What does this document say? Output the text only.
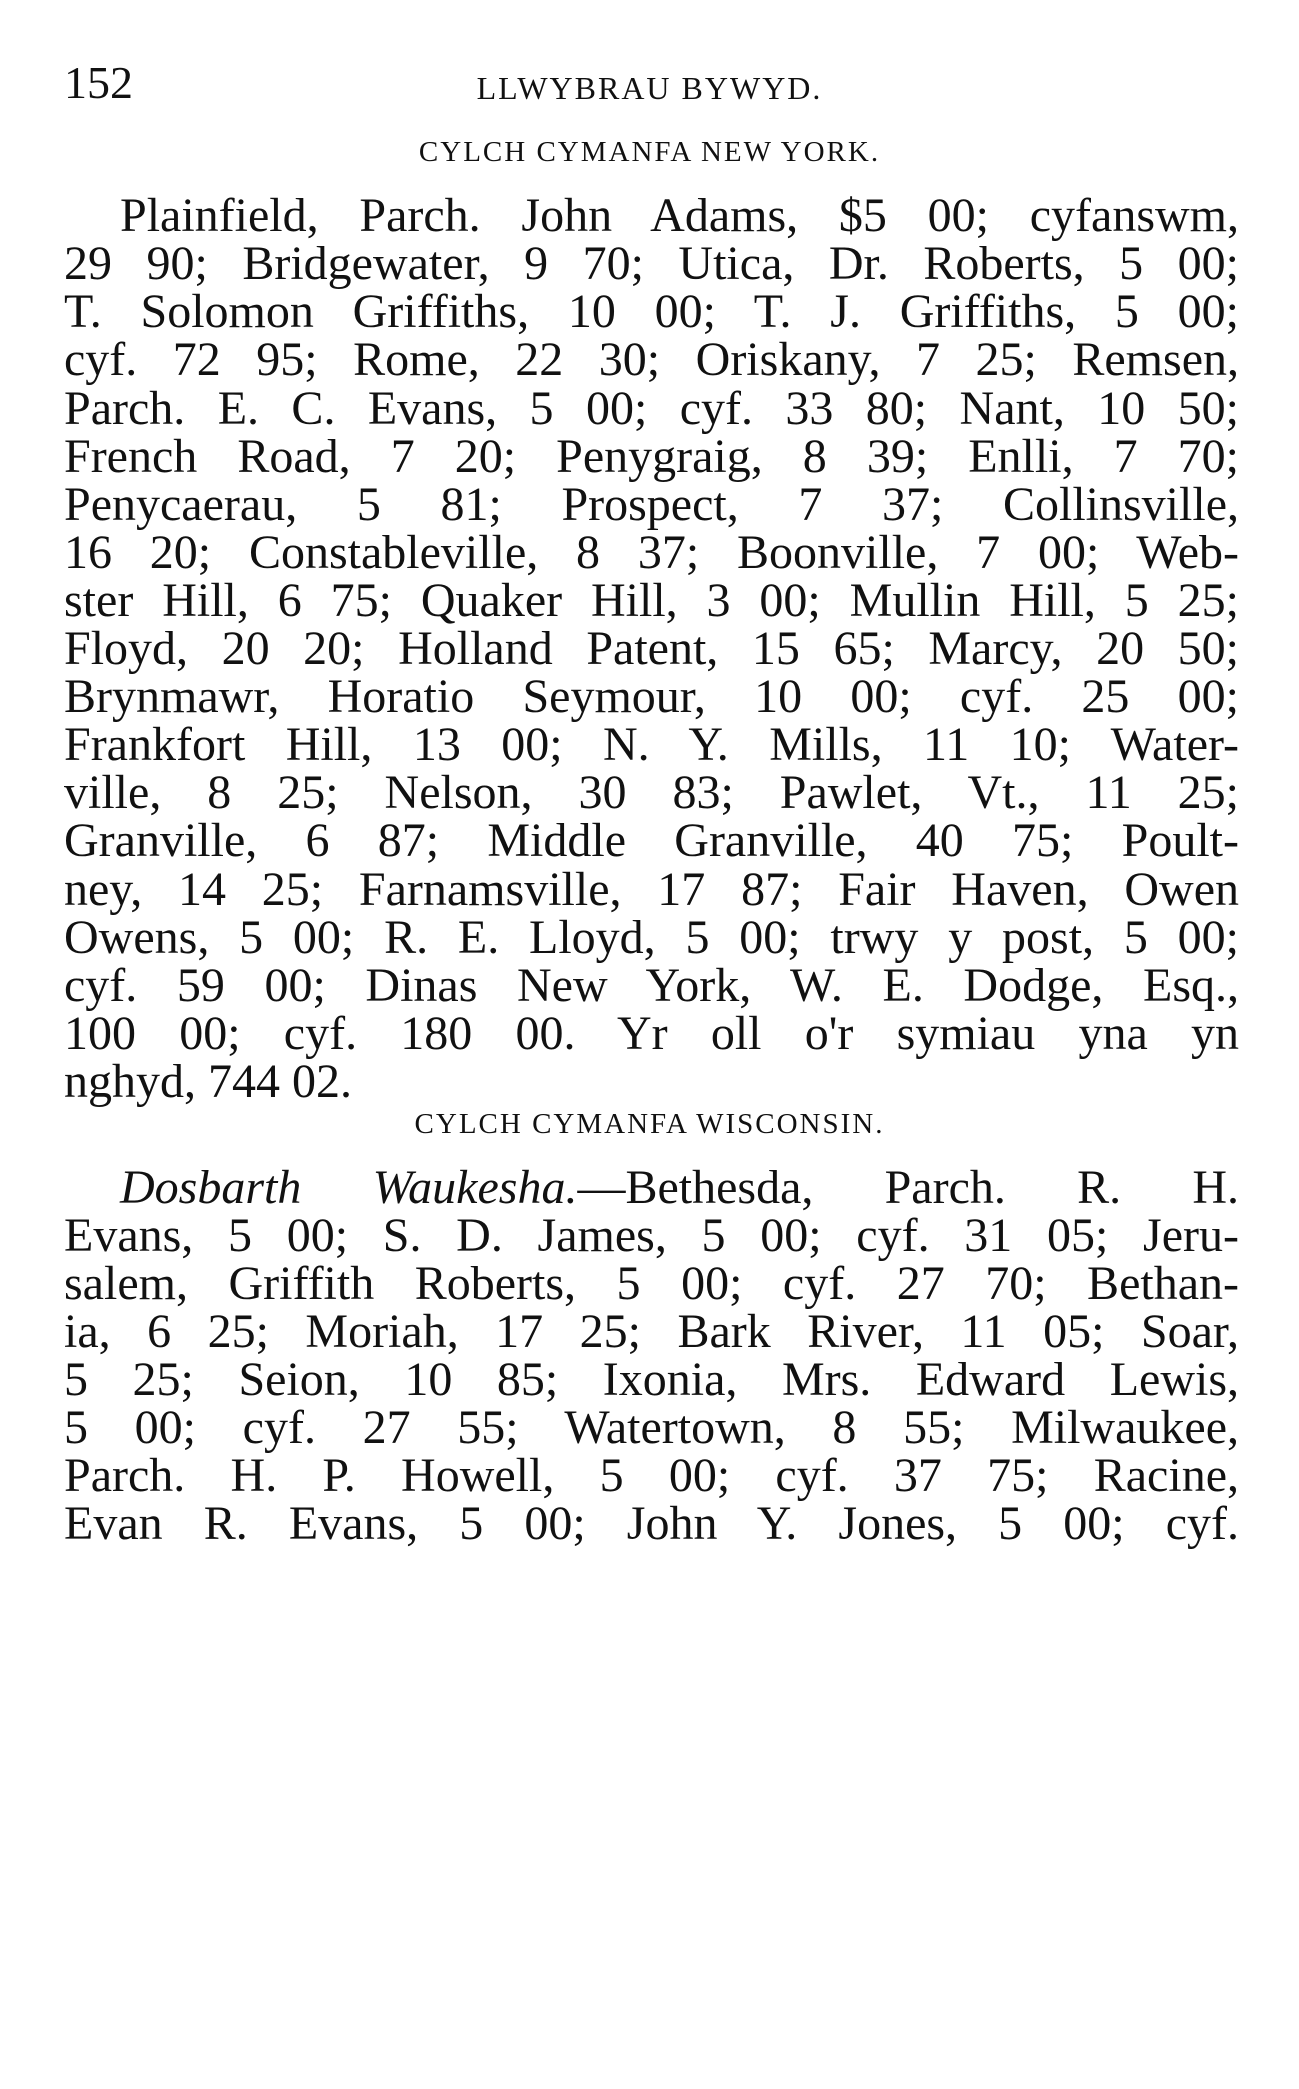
152	LLWYBRAU BYWYD.
CYLCH CYMANFA NEW YORK.
Plainfield, Parch. John Adams, $5 00; cyfanswm,
29 90; Bridgewater, 9 70; Utica, Dr. Roberts, 5 00;
T. Solomon Griffiths, 10 00; T. J. Griffiths, 5 00;
cyf. 72 95; Rome, 22 30; Oriskany, 7 25; Remsen,
Parch. E. C. Evans, 5 00; cyf. 33 80; Nant, 10 50;
French Road, 7 20; Penygraig, 8 39; Enlli, 7 70;
Penycaerau, 5 81; Prospect, 7 37; Collinsville,
16 20; Constableville, 8 37; Boonville, 7 00; Web-
ster Hill, 6 75; Quaker Hill, 3 00; Mullin Hill, 5 25;
Floyd, 20 20; Holland Patent, 15 65; Marcy, 20 50;
Brynmawr, Horatio Seymour, 10 00; cyf. 25 00;
Frankfort Hill, 13 00; N. Y. Mills, 11 10; Water-
ville, 8 25; Nelson, 30 83; Pawlet, Vt., 11 25;
Granville, 6 87; Middle Granville, 40 75; Poult-
ney, 14 25; Farnamsville, 17 87; Fair Haven, Owen
Owens, 5 00; R. E. Lloyd, 5 00; trwy y post, 5 00;
cyf. 59 00; Dinas New York, W. E. Dodge, Esq.,
100 00; cyf. 180 00. Yr oll o'r symiau yna yn
nghyd, 744 02.
CYLCH CYMANFA WISCONSIN.
Dosbarth Waukesha.—Bethesda, Parch. R. H.
Evans, 5 00; S. D. James, 5 00; cyf. 31 05; Jeru-
salem, Griffith Roberts, 5 00; cyf. 27 70; Bethan-
ia, 6 25; Moriah, 17 25; Bark River, 11 05; Soar,
5 25; Seion, 10 85; Ixonia, Mrs. Edward Lewis,
5 00; cyf. 27 55; Watertown, 8 55; Milwaukee,
Parch. H. P. Howell, 5 00; cyf. 37 75; Racine,
Evan R. Evans, 5 00; John Y. Jones, 5 00; cyf.
